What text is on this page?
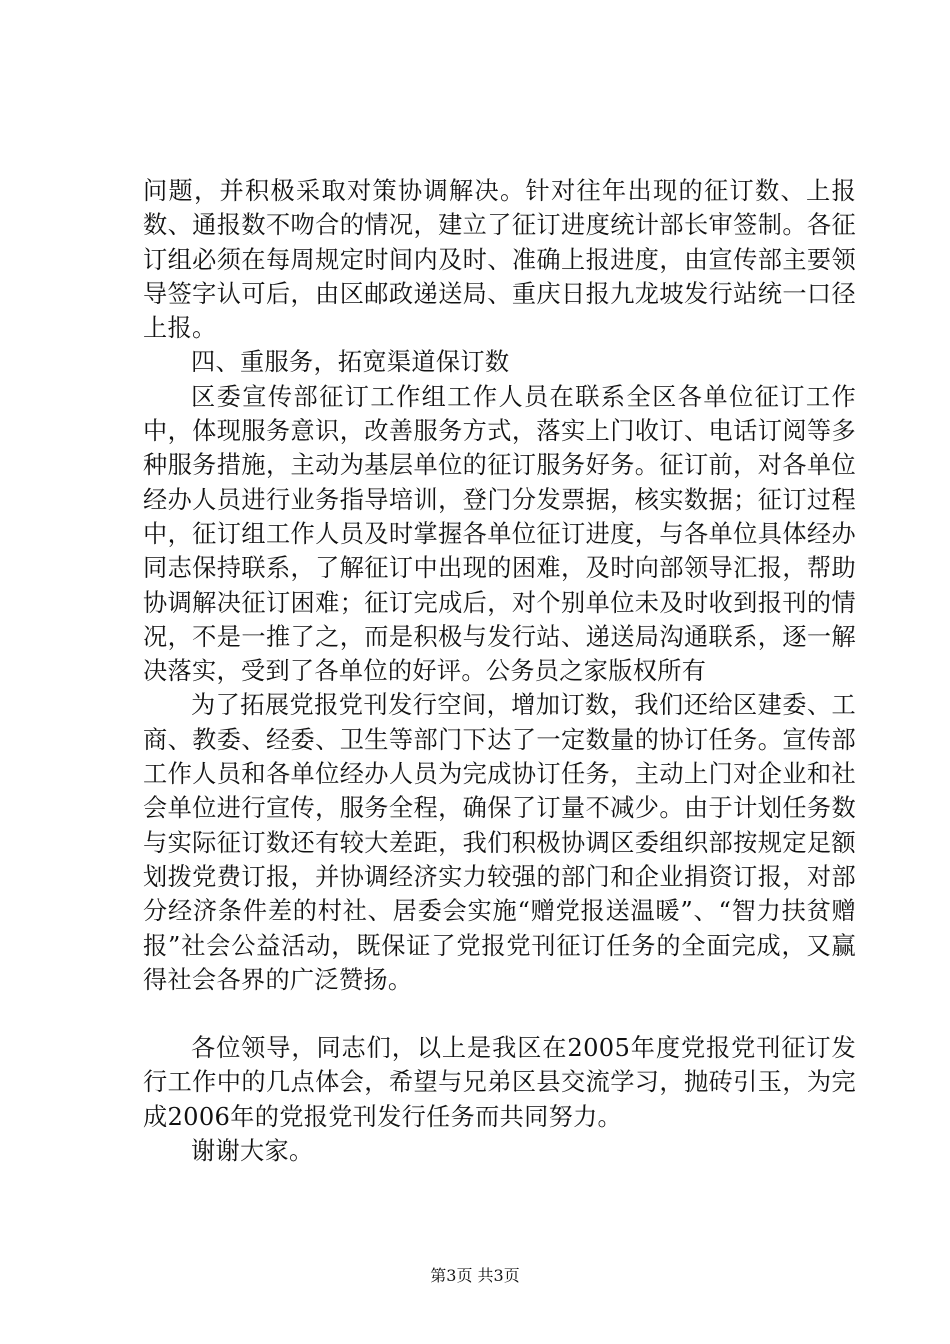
问题，并积极采取对策协调解决。针对往年出现的征订数、上报数、通报数不吻合的情况，建立了征订进度统计部长审签制。各征订组必须在每周规定时间内及时、准确上报进度，由宣传部主要领导签字认可后，由区邮政递送局、重庆日报九龙坡发行站统一口径上报。

四、重服务，拓宽渠道保订数

区委宣传部征订工作组工作人员在联系全区各单位征订工作中，体现服务意识，改善服务方式，落实上门收订、电话订阅等多种服务措施，主动为基层单位的征订服务好务。征订前，对各单位经办人员进行业务指导培训，登门分发票据，核实数据；征订过程中，征订组工作人员及时掌握各单位征订进度，与各单位具体经办同志保持联系，了解征订中出现的困难，及时向部领导汇报，帮助协调解决征订困难；征订完成后，对个别单位未及时收到报刊的情况，不是一推了之，而是积极与发行站、递送局沟通联系，逐一解决落实，受到了各单位的好评。公务员之家版权所有

为了拓展党报党刊发行空间，增加订数，我们还给区建委、工商、教委、经委、卫生等部门下达了一定数量的协订任务。宣传部工作人员和各单位经办人员为完成协订任务，主动上门对企业和社会单位进行宣传，服务全程，确保了订量不减少。由于计划任务数与实际征订数还有较大差距，我们积极协调区委组织部按规定足额划拨党费订报，并协调经济实力较强的部门和企业捐资订报，对部分经济条件差的村社、居委会实施“赠党报送温暖”、“智力扶贫赠报”社会公益活动，既保证了党报党刊征订任务的全面完成，又赢得社会各界的广泛赞扬。

各位领导，同志们，以上是我区在2005年度党报党刊征订发行工作中的几点体会，希望与兄弟区县交流学习，抛砖引玉，为完成2006年的党报党刊发行任务而共同努力。

谢谢大家。

第3页 共3页
